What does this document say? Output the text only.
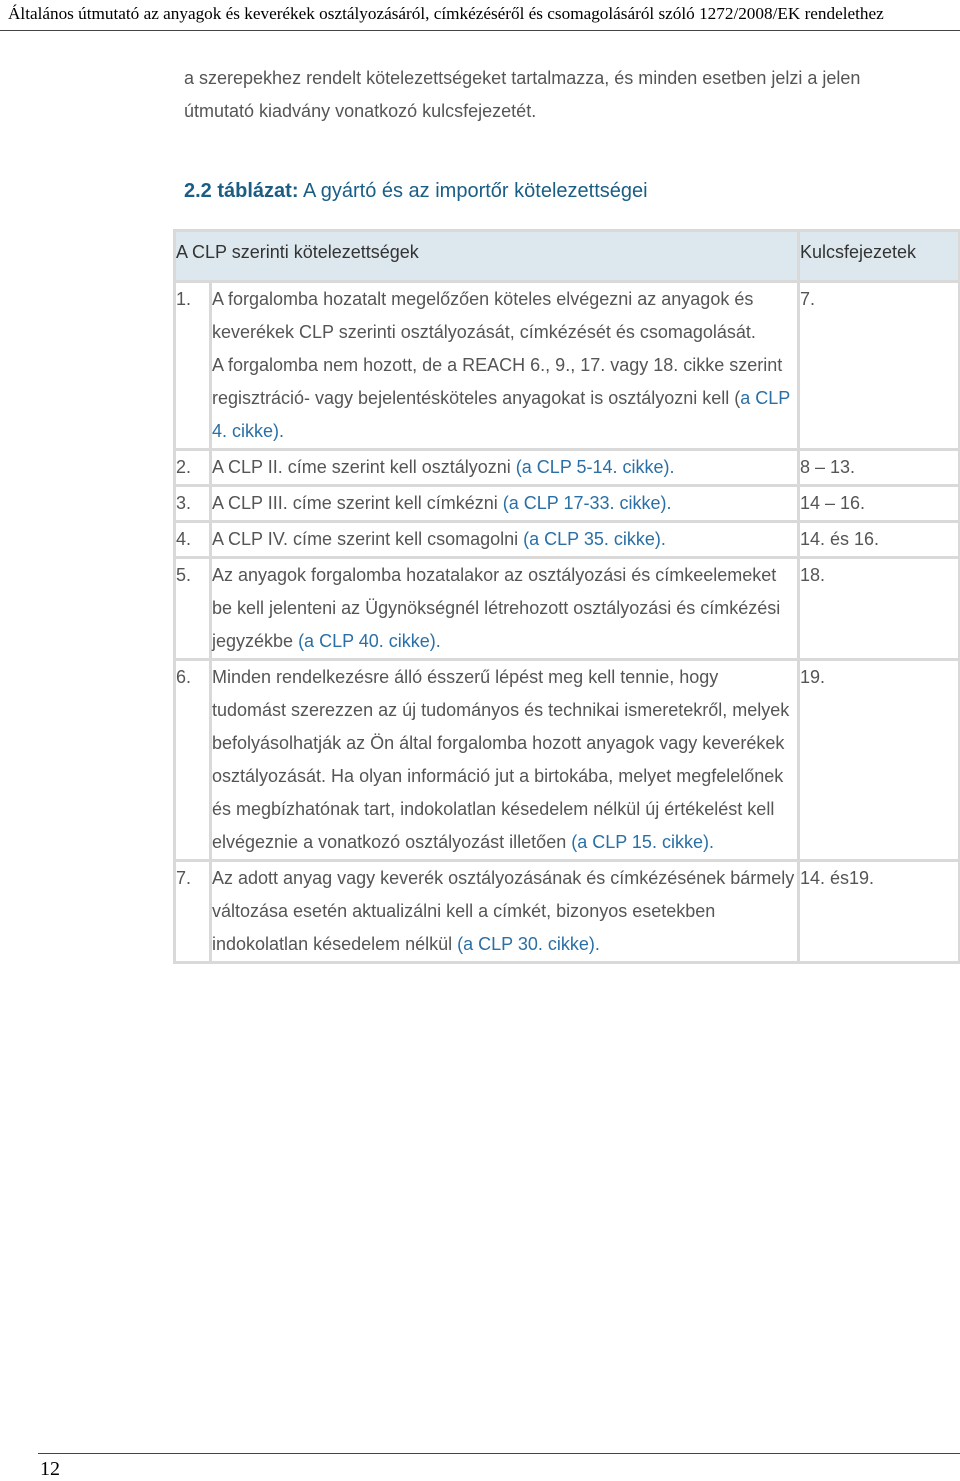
Általános útmutató az anyagok és keverékek osztályozásáról, címkézéséről és csomagolásáról szóló 1272/2008/EK rendelethez
a szerepekhez rendelt kötelezettségeket tartalmazza, és minden esetben jelzi a jelen
útmutató kiadvány vonatkozó kulcsfejezetét.
2.2 táblázat: A gyártó és az importőr kötelezettségei
A CLP szerinti kötelezettségek		Kulcsfejezetek
1.	A forgalomba hozatalt megelőzően köteles elvégezni az anyagok és keverékek CLP szerinti osztályozását, címkézését és csomagolását.

A forgalomba nem hozott, de a REACH 6., 9., 17. vagy 18. cikke szerint regisztráció- vagy bejelentésköteles anyagokat is osztályozni kell (a CLP 4. cikke).	7.
2.	A CLP II. címe szerint kell osztályozni (a CLP 5-14. cikke).	8 – 13.
3.	A CLP III. címe szerint kell címkézni (a CLP 17-33. cikke).	14 – 16.
4.	A CLP IV. címe szerint kell csomagolni (a CLP 35. cikke).	14. és 16.
5.	Az anyagok forgalomba hozatalakor az osztályozási és címkeelemeket be kell jelenteni az Ügynökségnél létrehozott osztályozási és címkézési jegyzékbe (a CLP 40. cikke).	18.
6.	Minden rendelkezésre álló ésszerű lépést meg kell tennie, hogy tudomást szerezzen az új tudományos és technikai ismeretekről, melyek befolyásolhatják az Ön által forgalomba hozott anyagok vagy keverékek osztályozását. Ha olyan információ jut a birtokába, melyet megfelelőnek és megbízhatónak tart, indokolatlan késedelem nélkül új értékelést kell elvégeznie a vonatkozó osztályozást illetően (a CLP 15. cikke).	19.
7.	Az adott anyag vagy keverék osztályozásának és címkézésének bármely változása esetén aktualizálni kell a címkét, bizonyos esetekben indokolatlan késedelem nélkül (a CLP 30. cikke).	14. és19.
12
